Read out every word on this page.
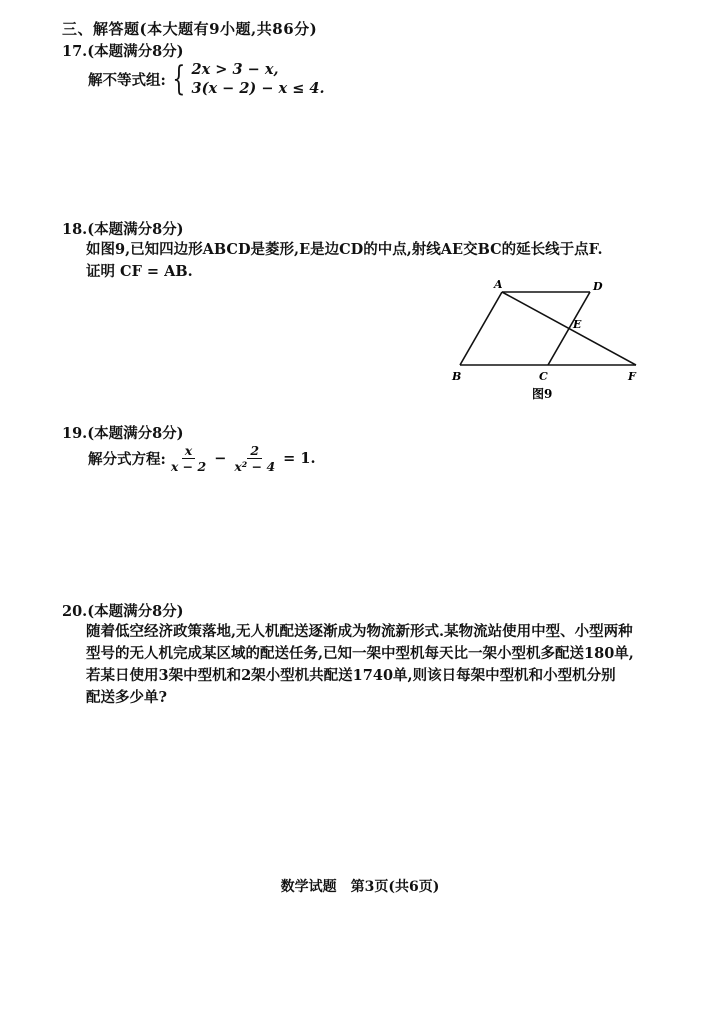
三、解答题(本大题有9小题,共86分)
17.(本题满分8分)
解不等式组: { 2x > 3 − x,
3(x − 2) − x ≤ 4.
18.(本题满分8分)
如图9,已知四边形ABCD是菱形,E是边CD的中点,射线AE交BC的延长线于点F.
证明 CF = AB.
A	D
E
B	C	F
图9
19.(本题满分8分)
解分式方程: $\frac{x}{x - 2} - \frac{2}{\text{x² − 4}} = 1$.
20.(本题满分8分)
随着低空经济政策落地,无人机配送逐渐成为物流新形式.某物流站使用中型、小型两种
型号的无人机完成某区域的配送任务,已知一架中型机每天比一架小型机多配送180单,
若某日使用3架中型机和2架小型机共配送1740单,则该日每架中型机和小型机分别
配送多少单?
数学试题　第3页(共6页)
